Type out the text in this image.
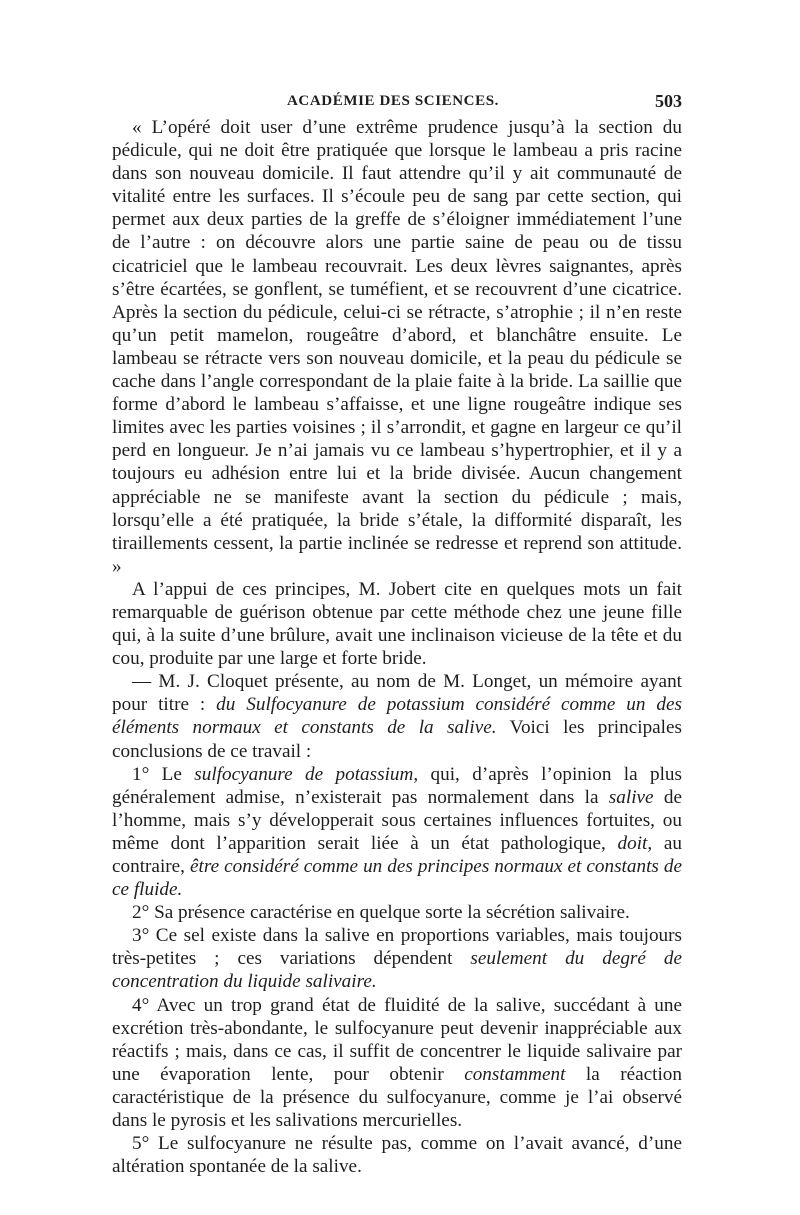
ACADÉMIE DES SCIENCES.	503

« L’opéré doit user d’une extrême prudence jusqu’à la section du pédicule, qui ne doit être pratiquée que lorsque le lambeau a pris racine dans son nouveau domicile. Il faut attendre qu’il y ait communauté de vitalité entre les surfaces. Il s’écoule peu de sang par cette section, qui permet aux deux parties de la greffe de s’éloigner immédiatement l’une de l’autre : on découvre alors une partie saine de peau ou de tissu cicatriciel que le lambeau recouvrait. Les deux lèvres saignantes, après s’être écartées, se gonflent, se tuméfient, et se recouvrent d’une cicatrice. Après la section du pédicule, celui-ci se rétracte, s’atrophie ; il n’en reste qu’un petit mamelon, rougeâtre d’abord, et blanchâtre ensuite. Le lambeau se rétracte vers son nouveau domicile, et la peau du pédicule se cache dans l’angle correspondant de la plaie faite à la bride. La saillie que forme d’abord le lambeau s’affaisse, et une ligne rougeâtre indique ses limites avec les parties voisines ; il s’arrondit, et gagne en largeur ce qu’il perd en longueur. Je n’ai jamais vu ce lambeau s’hypertrophier, et il y a toujours eu adhésion entre lui et la bride divisée. Aucun changement appréciable ne se manifeste avant la section du pédicule ; mais, lorsqu’elle a été pratiquée, la bride s’étale, la difformité disparaît, les tiraillements cessent, la partie inclinée se redresse et reprend son attitude. »

A l’appui de ces principes, M. Jobert cite en quelques mots un fait remarquable de guérison obtenue par cette méthode chez une jeune fille qui, à la suite d’une brûlure, avait une inclinaison vicieuse de la tête et du cou, produite par une large et forte bride.

— M. J. Cloquet présente, au nom de M. Longet, un mémoire ayant pour titre : du Sulfocyanure de potassium considéré comme un des éléments normaux et constants de la salive. Voici les principales conclusions de ce travail :

1° Le sulfocyanure de potassium, qui, d’après l’opinion la plus généralement admise, n’existerait pas normalement dans la salive de l’homme, mais s’y développerait sous certaines influences fortuites, ou même dont l’apparition serait liée à un état pathologique, doit, au contraire, être considéré comme un des principes normaux et constants de ce fluide.

2° Sa présence caractérise en quelque sorte la sécrétion salivaire.

3° Ce sel existe dans la salive en proportions variables, mais toujours très-petites ; ces variations dépendent seulement du degré de concentration du liquide salivaire.

4° Avec un trop grand état de fluidité de la salive, succédant à une excrétion très-abondante, le sulfocyanure peut devenir inappréciable aux réactifs ; mais, dans ce cas, il suffit de concentrer le liquide salivaire par une évaporation lente, pour obtenir constamment la réaction caractéristique de la présence du sulfocyanure, comme je l’ai observé dans le pyrosis et les salivations mercurielles.

5° Le sulfocyanure ne résulte pas, comme on l’avait avancé, d’une altération spontanée de la salive.
